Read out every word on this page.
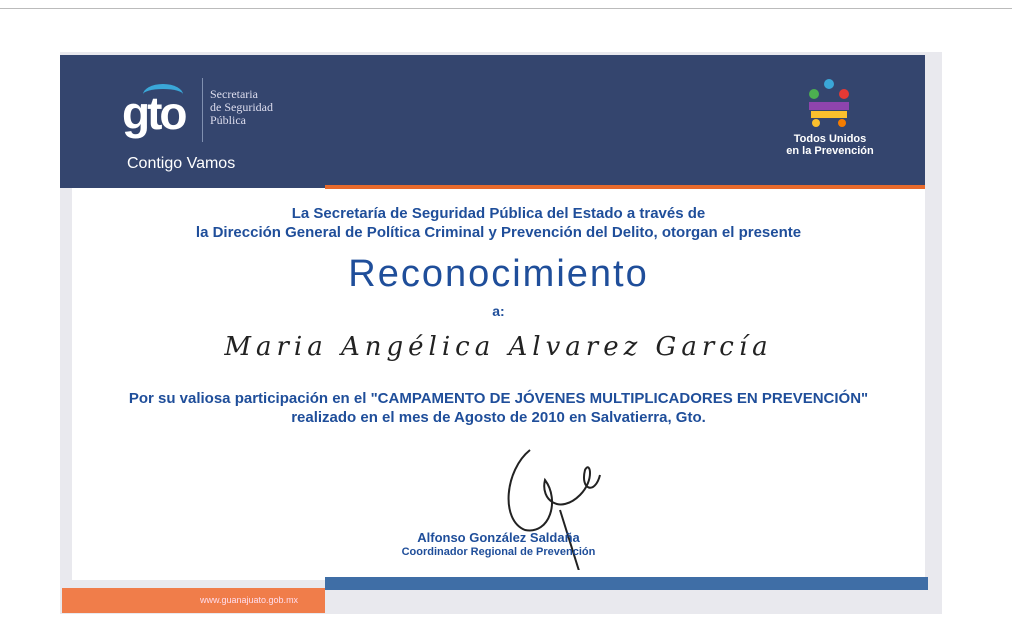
gto Secretaria
de Seguridad
Pública
Contigo Vamos
Todos Unidos
en la Prevención
La Secretaría de Seguridad Pública del Estado a través de
la Dirección General de Política Criminal y Prevención del Delito, otorgan el presente
Reconocimiento
a:
Maria Angélica Alvarez García
Por su valiosa participación en el "CAMPAMENTO DE JÓVENES MULTIPLICADORES EN PREVENCIÓN"
realizado en el mes de Agosto de 2010 en Salvatierra, Gto.
Alfonso González Saldaña
Coordinador Regional de Prevención
www.guanajuato.gob.mx
